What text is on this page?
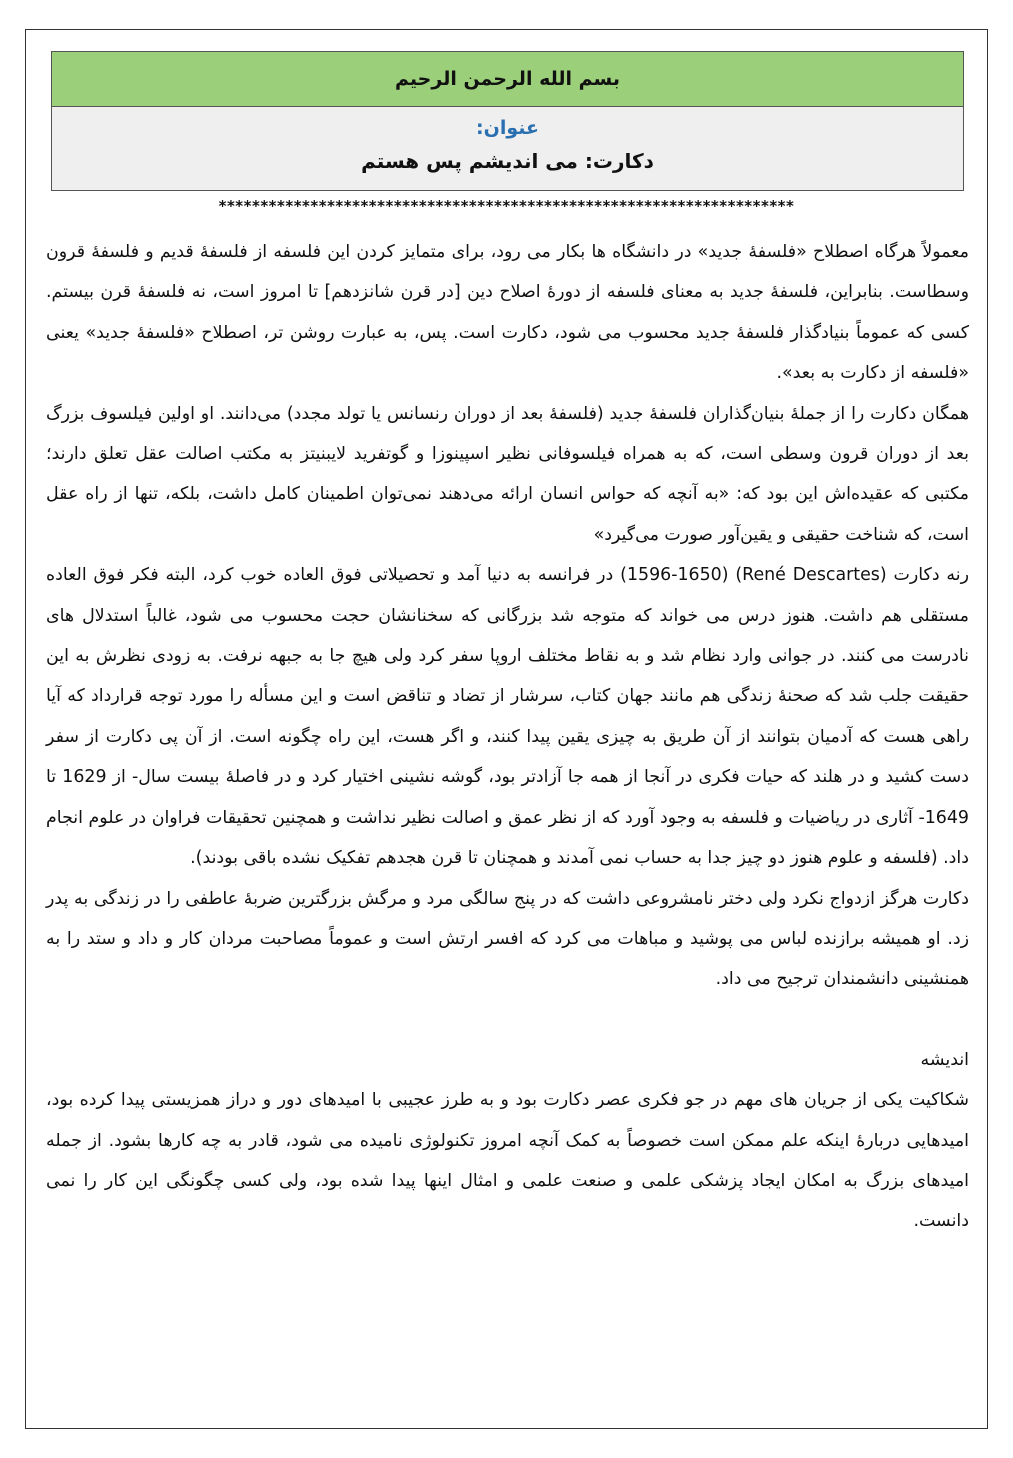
بسم الله الرحمن الرحيم
عنوان:
دکارت: می اندیشم پس هستم
*********************************************************************

معمولاً هرگاه اصطلاح «فلسفهٔ جدید» در دانشگاه ها بکار می رود، برای متمایز کردن این فلسفه از فلسفهٔ قدیم و فلسفهٔ قرون وسطاست. بنابراین، فلسفهٔ جدید به معنای فلسفه از دورهٔ اصلاح دین [در قرن شانزدهم] تا امروز است، نه فلسفهٔ قرن بیستم. کسی که عموماً بنیادگذار فلسفهٔ جدید محسوب می شود، دکارت است. پس، به عبارت روشن تر، اصطلاح «فلسفهٔ جدید» یعنی «فلسفه از دکارت به بعد».

همگان دکارت را از جملهٔ بنیان‌گذاران فلسفهٔ جدید (فلسفهٔ بعد از دوران رنسانس یا تولد مجدد) می‌دانند. او اولین فیلسوف بزرگ بعد از دوران قرون وسطی است، که به همراه فیلسوفانی نظیر اسپینوزا و گوتفرید لایبنیتز به مکتب اصالت عقل تعلق دارند؛ مکتبی که عقیده‌اش این بود که: «به آنچه که حواس انسان ارائه می‌دهند نمی‌توان اطمینان کامل داشت، بلکه، تنها از راه عقل است، که شناخت حقیقی و یقین‌آور صورت می‌گیرد»

رنه دکارت (René Descartes) (1596-1650) در فرانسه به دنیا آمد و تحصیلاتی فوق العاده خوب کرد، البته فکر فوق العاده مستقلی هم داشت. هنوز درس می خواند که متوجه شد بزرگانی که سخنانشان حجت محسوب می شود، غالباً استدلال های نادرست می کنند. در جوانی وارد نظام شد و به نقاط مختلف اروپا سفر کرد ولی هیچ جا به جبهه نرفت. به زودی نظرش به این حقیقت جلب شد که صحنهٔ زندگی هم مانند جهان کتاب، سرشار از تضاد و تناقض است و این مسأله را مورد توجه قرارداد که آیا راهی هست که آدمیان بتوانند از آن طریق به چیزی یقین پیدا کنند، و اگر هست، این راه چگونه است. از آن پی دکارت از سفر دست کشید و در هلند که حیات فکری در آنجا از همه جا آزادتر بود، گوشه نشینی اختیار کرد و در فاصلهٔ بیست سال- از 1629 تا 1649- آثاری در ریاضیات و فلسفه به وجود آورد که از نظر عمق و اصالت نظیر نداشت و همچنین تحقیقات فراوان در علوم انجام داد. (فلسفه و علوم هنوز دو چیز جدا به حساب نمی آمدند و همچنان تا قرن هجدهم تفکیک نشده باقی بودند).

دکارت هرگز ازدواج نکرد ولی دختر نامشروعی داشت که در پنج سالگی مرد و مرگش بزرگترین ضربهٔ عاطفی را در زندگی به پدر زد. او همیشه برازنده لباس می پوشید و مباهات می کرد که افسر ارتش است و عموماً مصاحبت مردان کار و داد و ستد را به همنشینی دانشمندان ترجیح می داد.

اندیشه

شکاکیت یکی از جریان های مهم در جو فکری عصر دکارت بود و به طرز عجیبی با امیدهای دور و دراز همزیستی پیدا کرده بود، امیدهایی دربارهٔ اینکه علم ممکن است خصوصاً به کمک آنچه امروز تکنولوژی نامیده می شود، قادر به چه کارها بشود. از جمله امیدهای بزرگ به امکان ایجاد پزشکی علمی و صنعت علمی و امثال اینها پیدا شده بود، ولی کسی چگونگی این کار را نمی دانست.
